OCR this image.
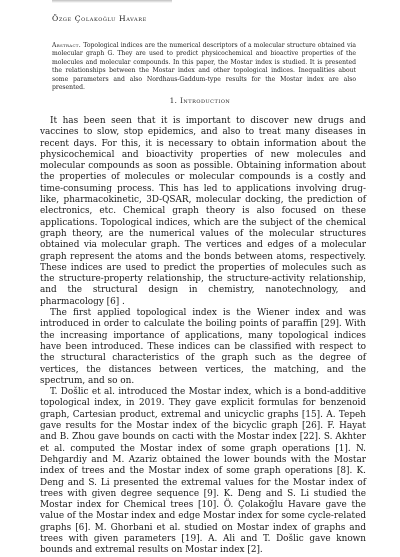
Özge Çolakoğlu Havare
Abstract. Topological indices are the numerical descriptors of a molecular structure obtained via molecular graph G. They are used to predict physicochemical and bioactive properties of the molecules and molecular compounds. In this paper, the Mostar index is studied. It is presented the relationships between the Mostar index and other topological indices. Inequalities about some parameters and also Nordhaus-Gaddum-type results for the Mostar index are also presented.
1. Introduction

It has been seen that it is important to discover new drugs and vaccines to slow, stop epidemics, and also to treat many diseases in recent days. For this, it is necessary to obtain information about the physicochemical and bioactivity properties of new molecules and molecular compounds as soon as possible. Obtaining information about the properties of molecules or molecular compounds is a costly and time-consuming process. This has led to applications involving drug-like, pharmacokinetic, 3D-QSAR, molecular docking, the prediction of electronics, etc. Chemical graph theory is also focused on these applications. Topological indices, which are the subject of the chemical graph theory, are the numerical values of the molecular structures obtained via molecular graph. The vertices and edges of a molecular graph represent the atoms and the bonds between atoms, respectively. These indices are used to predict the properties of molecules such as the structure-property relationship, the structure-activity relationship, and the structural design in chemistry, nanotechnology, and pharmacology [6] .

The first applied topological index is the Wiener index and was introduced in order to calculate the boiling points of paraffin [29]. With the increasing importance of applications, many topological indices have been introduced. These indices can be classified with respect to the structural characteristics of the graph such as the degree of vertices, the distances between vertices, the matching, and the spectrum, and so on.

T. Došlic et al. introduced the Mostar index, which is a bond-additive topological index, in 2019. They gave explicit formulas for benzenoid graph, Cartesian product, extremal and unicyclic graphs [15]. A. Tepeh gave results for the Mostar index of the bicyclic graph [26]. F. Hayat and B. Zhou gave bounds on cacti with the Mostar index [22]. S. Akhter et al. computed the Mostar index of some graph operations [1]. N. Dehgardiy and M. Azariz obtained the lower bounds with the Mostar index of trees and the Mostar index of some graph operations [8]. K. Deng and S. Li presented the extremal values for the Mostar index of trees with given degree sequence [9]. K. Deng and S. Li studied the Mostar index for Chemical trees [10]. Ö. Çolakoğlu Havare gave the value of the Mostar index and edge Mostar index for some cycle-related graphs [6]. M. Ghorbani et al. studied on Mostar index of graphs and trees with given parameters [19]. A. Ali and T. Došlic gave known bounds and extremal results on Mostar index [2].
